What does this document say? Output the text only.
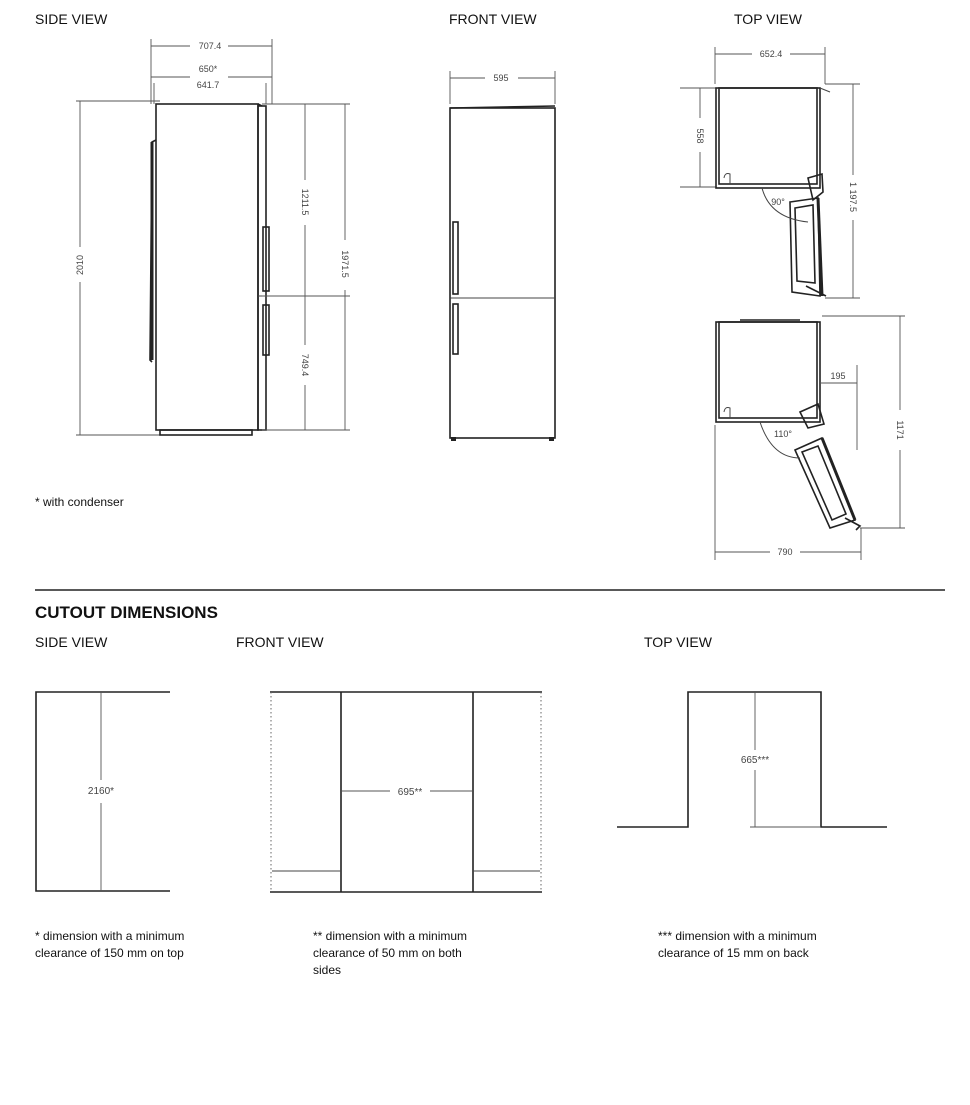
SIDE VIEW	FRONT VIEW	TOP VIEW
* with condenser
CUTOUT DIMENSIONS
SIDE VIEW	FRONT VIEW	TOP VIEW
* dimension with a minimum
clearance of 150 mm on top
** dimension with a minimum
clearance of 50 mm on both
sides
*** dimension with a minimum
clearance of 15 mm on back
707.4
650*
641.7
2010
1211.5
1971.5
749.4
595
652.4
558
90°	1 197.5
110°
195
1171
790
2160*	695**
665***
